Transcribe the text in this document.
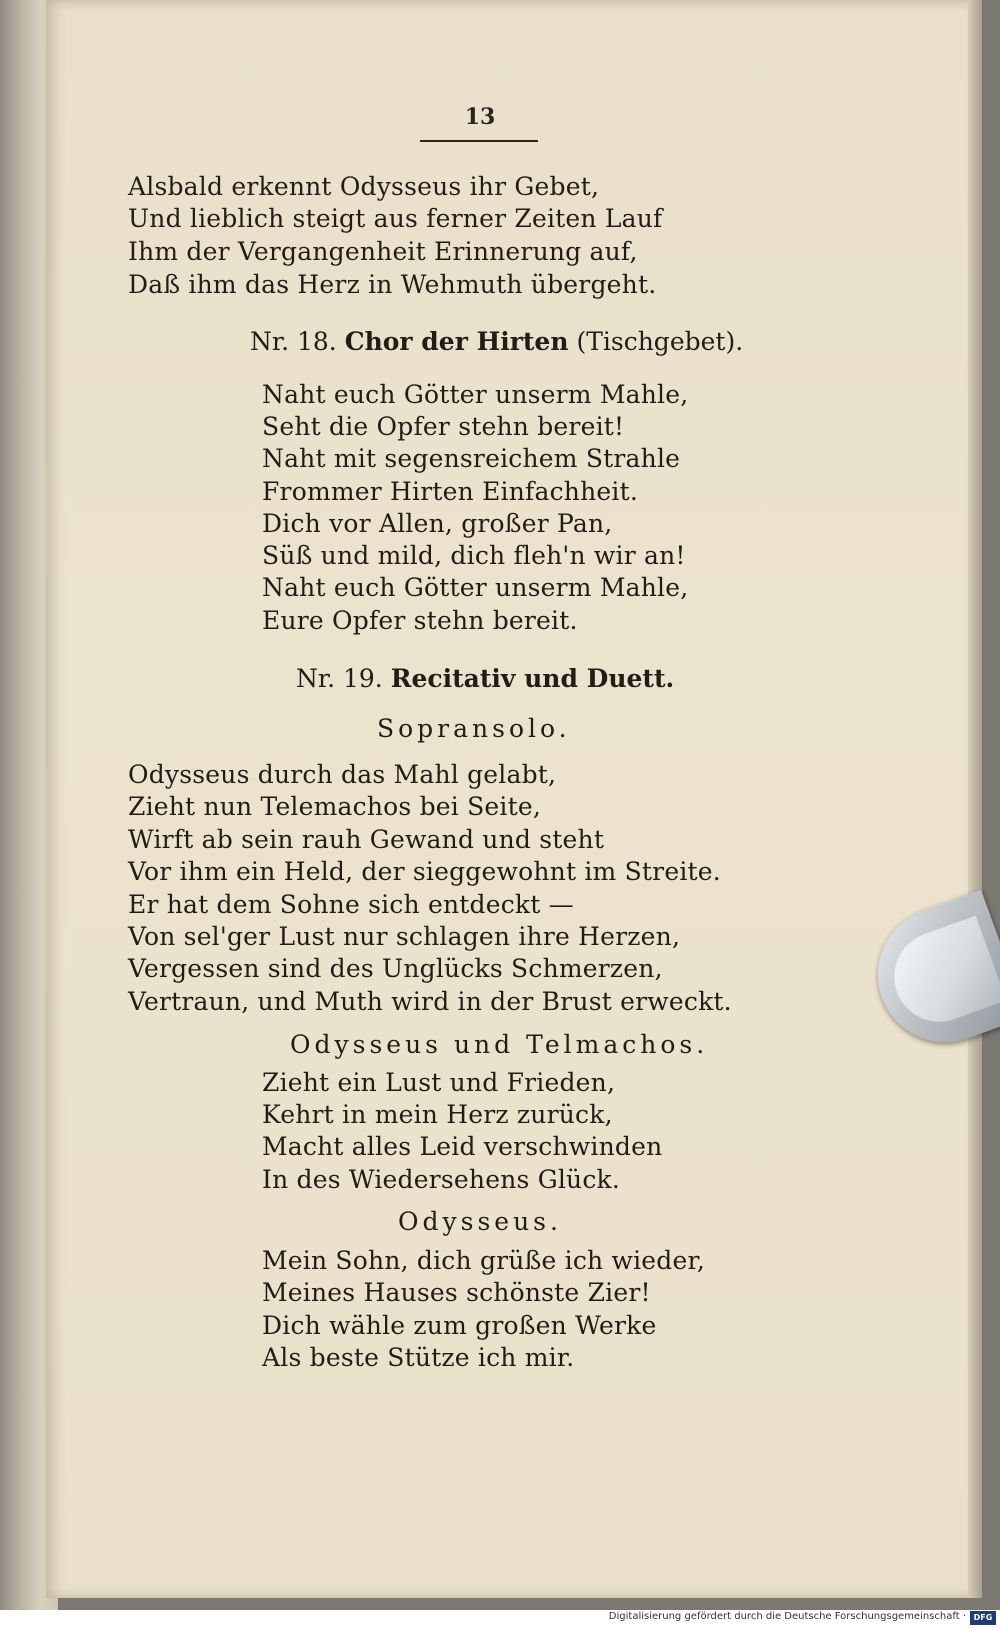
13
Alsbald erkennt Odysseus ihr Gebet,
Und lieblich steigt aus ferner Zeiten Lauf
Ihm der Vergangenheit Erinnerung auf,
Daß ihm das Herz in Wehmuth übergeht.
Nr. 18. Chor der Hirten (Tischgebet).
Naht euch Götter unserm Mahle,
Seht die Opfer stehn bereit!
Naht mit segensreichem Strahle
Frommer Hirten Einfachheit.
Dich vor Allen, großer Pan,
Süß und mild, dich fleh'n wir an!
Naht euch Götter unserm Mahle,
Eure Opfer stehn bereit.
Nr. 19. Recitativ und Duett.
Sopransolo.
Odysseus durch das Mahl gelabt,
Zieht nun Telemachos bei Seite,
Wirft ab sein rauh Gewand und steht
Vor ihm ein Held, der sieggewohnt im Streite.
Er hat dem Sohne sich entdeckt —
Von sel'ger Lust nur schlagen ihre Herzen,
Vergessen sind des Unglücks Schmerzen,
Vertraun, und Muth wird in der Brust erweckt.
Odysseus und Telmachos.
Zieht ein Lust und Frieden,
Kehrt in mein Herz zurück,
Macht alles Leid verschwinden
In des Wiedersehens Glück.
Odysseus.
Mein Sohn, dich grüße ich wieder,
Meines Hauses schönste Zier!
Dich wähle zum großen Werke
Als beste Stütze ich mir.
Digitalisierung gefördert durch die Deutsche Forschungsgemeinschaft · DFG
